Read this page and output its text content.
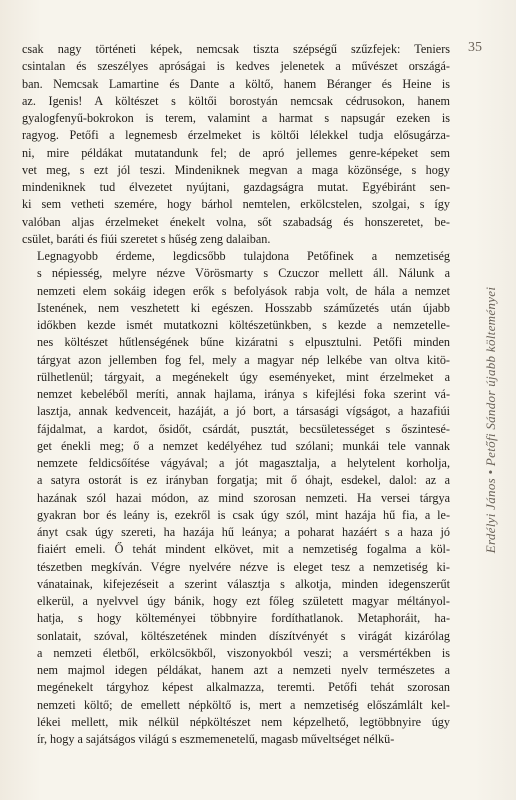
35
Erdélyi János • Petőfi Sándor újabb költeményei

csak nagy történeti képek, nemcsak tiszta szépségű szűzfejek: Teniers
csintalan és szeszélyes apróságai is kedves jelenetek a művészet országá-
ban. Nemcsak Lamartine és Dante a költő, hanem Béranger és Heine is
az. Igenis! A költészet s költői borostyán nemcsak cédrusokon, hanem
gyalogfenyű-bokrokon is terem, valamint a harmat s napsugár ezeken is
ragyog. Petőfi a legnemesb érzelmeket is költői lélekkel tudja elősugárza-
ni, mire példákat mutatandunk fel; de apró jellemes genre-képeket sem
vet meg, s ezt jól teszi. Mindeniknek megvan a maga közönsége, s hogy
mindeniknek tud élvezetet nyújtani, gazdagságra mutat. Egyébiránt sen-
ki sem vetheti szemére, hogy bárhol nemtelen, erkölcstelen, szolgai, s így
valóban aljas érzelmeket énekelt volna, sőt szabadság és honszeretet, be-
csület, baráti és fiúi szeretet s hűség zeng dalaiban.

Legnagyobb érdeme, legdicsőbb tulajdona Petőfinek a nemzetiség
s népiesség, melyre nézve Vörösmarty s Czuczor mellett áll. Nálunk a
nemzeti elem sokáig idegen erők s befolyások rabja volt, de hála a nemzet
Istenének, nem veszhetett ki egészen. Hosszabb száműzetés után újabb
időkben kezde ismét mutatkozni költészetünkben, s kezde a nemzetelle-
nes költészet hűtlenségének bűne kizáratni s elpusztulni. Petőfi minden
tárgyat azon jellemben fog fel, mely a magyar nép lelkébe van oltva kitö-
rülhetlenül; tárgyait, a megénekelt úgy eseményeket, mint érzelmeket a
nemzet kebeléből meríti, annak hajlama, iránya s kifejlési foka szerint vá-
lasztja, annak kedvenceit, hazáját, a jó bort, a társasági vígságot, a hazafiúi
fájdalmat, a kardot, ősidőt, csárdát, pusztát, becsületességet s őszintesé-
get énekli meg; ő a nemzet kedélyéhez tud szólani; munkái tele vannak
nemzete feldicsőítése vágyával; a jót magasztalja, a helytelent korholja,
a satyra ostorát is ez irányban forgatja; mit ő óhajt, esdekel, dalol: az a
hazának szól hazai módon, az mind szorosan nemzeti. Ha versei tárgya
gyakran bor és leány is, ezekről is csak úgy szól, mint hazája hű fia, a le-
ányt csak úgy szereti, ha hazája hű leánya; a poharat hazáért s a haza jó
fiaiért emeli. Ő tehát mindent elkövet, mit a nemzetiség fogalma a köl-
tészetben megkíván. Végre nyelvére nézve is eleget tesz a nemzetiség ki-
vánatainak, kifejezéseit a szerint választja s alkotja, minden idegenszerűt
elkerül, a nyelvvel úgy bánik, hogy ezt főleg született magyar méltányol-
hatja, s hogy költeményei többnyire fordíthatlanok. Metaphoráit, ha-
sonlatait, szóval, költészetének minden díszítvényét s virágát kizárólag
a nemzeti életből, erkölcsökből, viszonyokból veszi; a versmértékben is
nem majmol idegen példákat, hanem azt a nemzeti nyelv természetes a
megénekelt tárgyhoz képest alkalmazza, teremti. Petőfi tehát szorosan
nemzeti költő; de emellett népköltő is, mert a nemzetiség előszámlált kel-
lékei mellett, mik nélkül népköltészet nem képzelhető, legtöbbnyire úgy
ír, hogy a sajátságos világú s eszmemenetelű, magasb műveltséget nélkü-
